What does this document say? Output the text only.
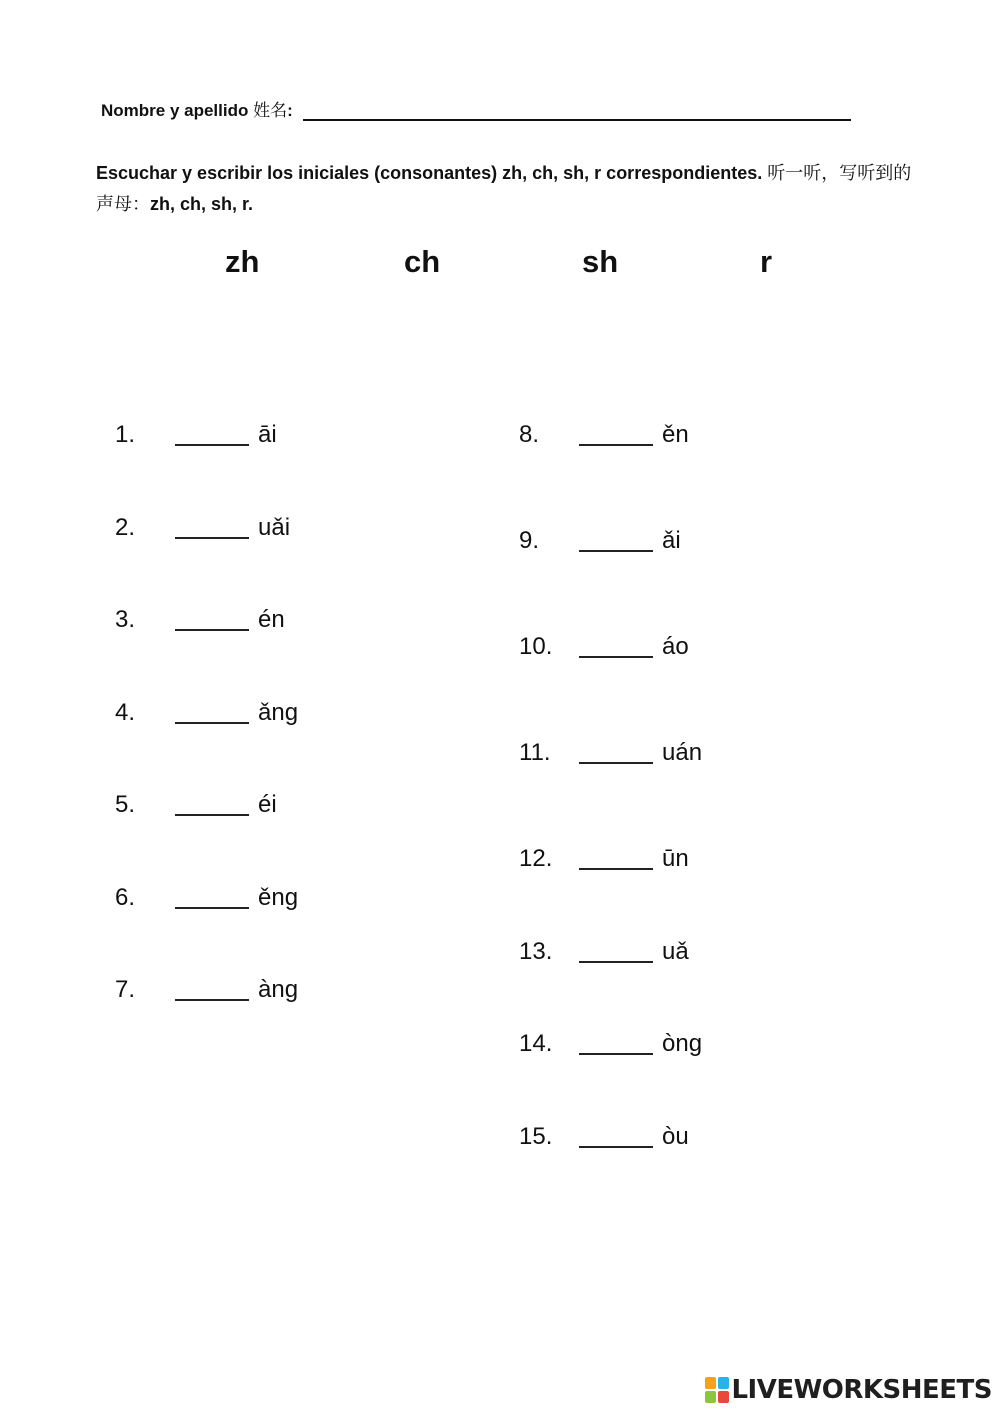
Nombre y apellido
姓名 :
Escuchar y escribir los iniciales (consonantes) zh, ch, sh, r correspondientes. 听一听，写听到的声母：zh, ch, sh, r.
zh	ch	sh	r
1.	āi
2.	uǎi
3.	én
4.	ǎng
5.	éi
6.	ěng
7.	àng
8.	ěn
9.	ǎi
10.	áo
11.	uán
12.	ūn
13.	uǎ
14.	òng
15.	òu
LIVEWORKSHEETS
